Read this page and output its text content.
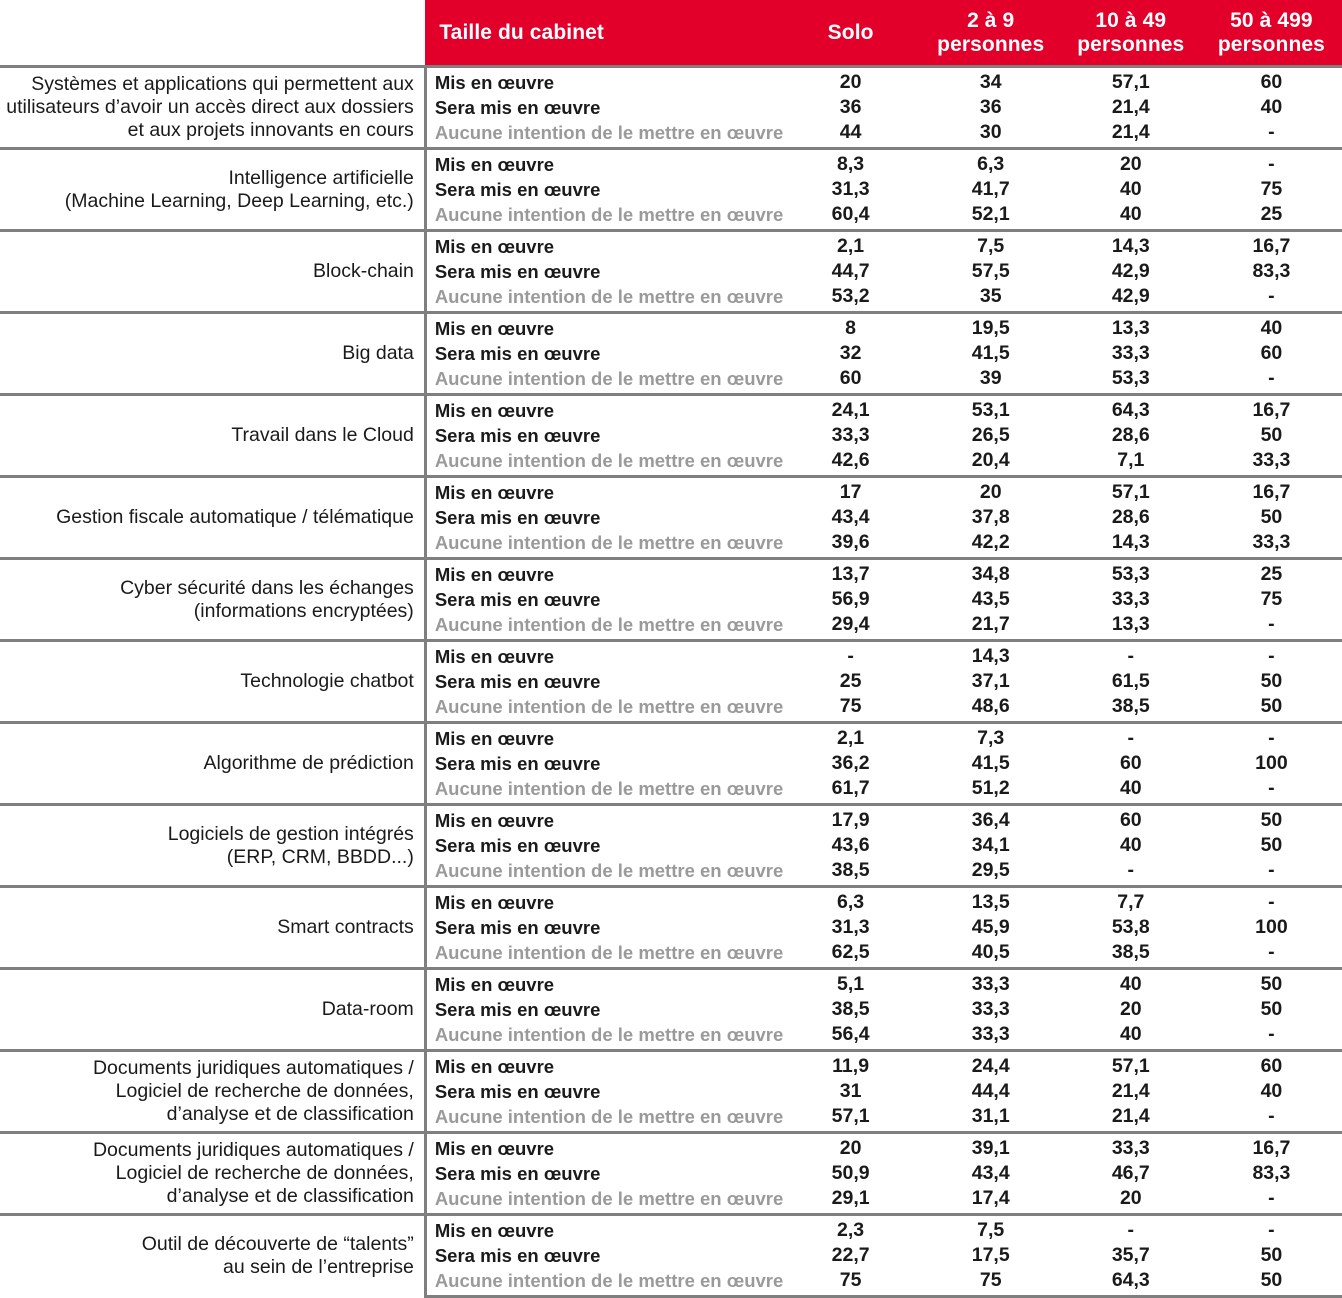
	Taille du cabinet	Solo	2 à 9
personnes	10 à 49
personnes	50 à 499
personnes

Systèmes et applications qui permettent aux utilisateurs d’avoir un accès direct aux dossiers et aux projets innovants en cours	Mis en œuvre	20	34	57,1	60
	Sera mis en œuvre	36	36	21,4	40
	Aucune intention de le mettre en œuvre	44	30	21,4	-
Intelligence artificielle
(Machine Learning, Deep Learning, etc.)	Mis en œuvre	8,3	6,3	20	-
	Sera mis en œuvre	31,3	41,7	40	75
	Aucune intention de le mettre en œuvre	60,4	52,1	40	25
Block-chain	Mis en œuvre	2,1	7,5	14,3	16,7
	Sera mis en œuvre	44,7	57,5	42,9	83,3
	Aucune intention de le mettre en œuvre	53,2	35	42,9	-
Big data	Mis en œuvre	8	19,5	13,3	40
	Sera mis en œuvre	32	41,5	33,3	60
	Aucune intention de le mettre en œuvre	60	39	53,3	-
Travail dans le Cloud	Mis en œuvre	24,1	53,1	64,3	16,7
	Sera mis en œuvre	33,3	26,5	28,6	50
	Aucune intention de le mettre en œuvre	42,6	20,4	7,1	33,3
Gestion fiscale automatique / télématique	Mis en œuvre	17	20	57,1	16,7
	Sera mis en œuvre	43,4	37,8	28,6	50
	Aucune intention de le mettre en œuvre	39,6	42,2	14,3	33,3
Cyber sécurité dans les échanges
(informations encryptées)	Mis en œuvre	13,7	34,8	53,3	25
	Sera mis en œuvre	56,9	43,5	33,3	75
	Aucune intention de le mettre en œuvre	29,4	21,7	13,3	-
Technologie chatbot	Mis en œuvre	-	14,3	-	-
	Sera mis en œuvre	25	37,1	61,5	50
	Aucune intention de le mettre en œuvre	75	48,6	38,5	50
Algorithme de prédiction	Mis en œuvre	2,1	7,3	-	-
	Sera mis en œuvre	36,2	41,5	60	100
	Aucune intention de le mettre en œuvre	61,7	51,2	40	-
Logiciels de gestion intégrés
(ERP, CRM, BBDD...)	Mis en œuvre	17,9	36,4	60	50
	Sera mis en œuvre	43,6	34,1	40	50
	Aucune intention de le mettre en œuvre	38,5	29,5	-	-
Smart contracts	Mis en œuvre	6,3	13,5	7,7	-
	Sera mis en œuvre	31,3	45,9	53,8	100
	Aucune intention de le mettre en œuvre	62,5	40,5	38,5	-
Data-room	Mis en œuvre	5,1	33,3	40	50
	Sera mis en œuvre	38,5	33,3	20	50
	Aucune intention de le mettre en œuvre	56,4	33,3	40	-
Documents juridiques automatiques /
Logiciel de recherche de données,
d’analyse et de classification	Mis en œuvre	11,9	24,4	57,1	60
	Sera mis en œuvre	31	44,4	21,4	40
	Aucune intention de le mettre en œuvre	57,1	31,1	21,4	-
Documents juridiques automatiques /
Logiciel de recherche de données,
d’analyse et de classification	Mis en œuvre	20	39,1	33,3	16,7
	Sera mis en œuvre	50,9	43,4	46,7	83,3
	Aucune intention de le mettre en œuvre	29,1	17,4	20	-
Outil de découverte de “talents”
au sein de l’entreprise	Mis en œuvre	2,3	7,5	-	-
	Sera mis en œuvre	22,7	17,5	35,7	50
	Aucune intention de le mettre en œuvre	75	75	64,3	50
